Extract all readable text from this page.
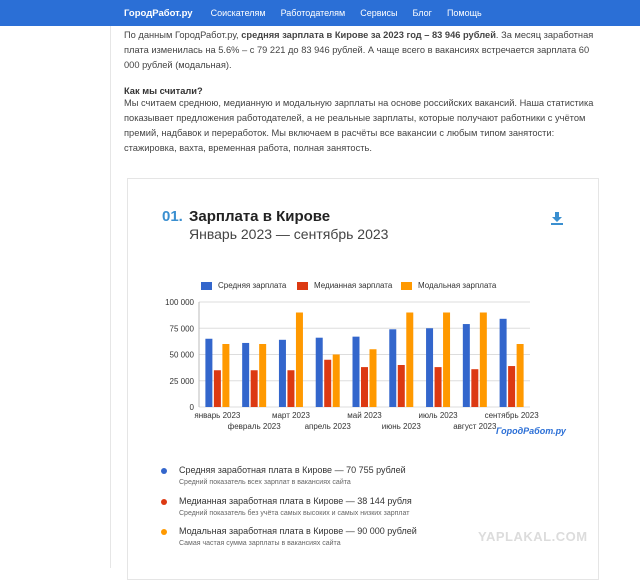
ГородРабот.ру Соискателям Работодателям Сервисы Блог Помощь
По данным ГородРабот.ру, средняя зарплата в Кирове за 2023 год – 83 946 рублей. За месяц заработная плата изменилась на 5.6% – с 79 221 до 83 946 рублей. А чаще всего в вакансиях встречается зарплата 60 000 рублей (модальная).
Как мы считали?
Мы считаем среднюю, медианную и модальную зарплаты на основе российских вакансий. Наша статистика показывает предложения работодателей, а не реальные зарплаты, которые получают работники с учётом премий, надбавок и переработок. Мы включаем в расчёты все вакансии с любым типом занятости: стажировка, вахта, временная работа, полная занятость.
01. Зарплата в Кирове
Январь 2023 — сентябрь 2023
Средняя зарплата	Медианная зарплата	Модальная зарплата
0
25 000
50 000
75 000
100 000
январь 2023
февраль 2023
март 2023
апрель 2023
май 2023
июнь 2023
июль 2023
август 2023
сентябрь 2023
ГородРабот.ру
Средняя заработная плата в Кирове — 70 755 рублей
Средний показатель всех зарплат в вакансиях сайта
Медианная заработная плата в Кирове — 38 144 рубля
Средний показатель без учёта самых высоких и самых низких зарплат
Модальная заработная плата в Кирове — 90 000 рублей
Самая частая сумма зарплаты в вакансиях сайта	YAPLAKAL.COM
